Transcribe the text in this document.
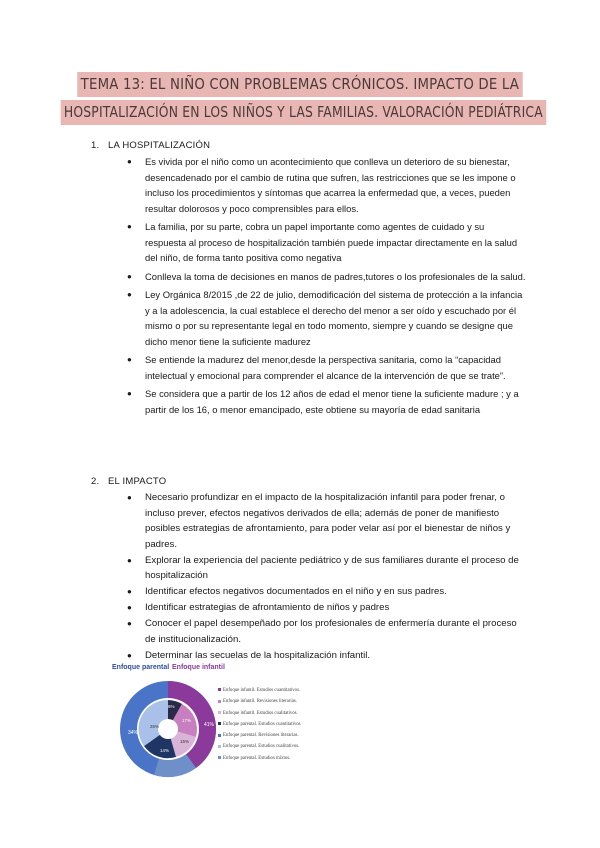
TEMA 13: EL NIÑO CON PROBLEMAS CRÓNICOS. IMPACTO DE LA
HOSPITALIZACIÓN EN LOS NIÑOS Y LAS FAMILIAS. VALORACIÓN PEDIÁTRICA
1. LA HOSPITALIZACIÓN
● Es vivida por el niño como un acontecimiento que conlleva un deterioro de su bienestar, desencadenado por el cambio de rutina que sufren, las restricciones que se les impone o incluso los procedimientos y síntomas que acarrea la enfermedad que, a veces, pueden resultar dolorosos y poco comprensibles para ellos.
● La familia, por su parte, cobra un papel importante como agentes de cuidado y su respuesta al proceso de hospitalización también puede impactar directamente en la salud del niño, de forma tanto positiva como negativa
● Conlleva la toma de decisiones en manos de padres,tutores o los profesionales de la salud.
● Ley Orgánica 8/2015 ,de 22 de julio, demodificación del sistema de protección a la infancia y a la adolescencia, la cual establece el derecho del menor a ser oído y escuchado por él mismo o por su representante legal en todo momento, siempre y cuando se designe que dicho menor tiene la suficiente madurez
● Se entiende la madurez del menor,desde la perspectiva sanitaria, como la “capacidad intelectual y emocional para comprender el alcance de la intervención de que se trate”.
● Se considera que a partir de los 12 años de edad el menor tiene la suficiente madure ; y a partir de los 16, o menor emancipado, este obtiene su mayoría de edad sanitaria
2. EL IMPACTO
● Necesario profundizar en el impacto de la hospitalización infantil para poder frenar, o incluso prever, efectos negativos derivados de ella; además de poner de manifiesto posibles estrategias de afrontamiento, para poder velar así por el bienestar de niños y padres.
● Explorar la experiencia del paciente pediátrico y de sus familiares durante el proceso de hospitalización
● Identificar efectos negativos documentados en el niño y en sus padres.
● Identificar estrategias de afrontamiento de niños y padres
● Conocer el papel desempeñado por los profesionales de enfermería durante el proceso de institucionalización.
● Determinar las secuelas de la hospitalización infantil.
Enfoque parental Enfoque infantil
34%
41%
6%
17%
15%
14%
26%
Enfoque infantil. Estudios cuantitativos.
Enfoque infantil. Revisiones literarias.
Enfoque infantil. Estudios cualitativos.
Enfoque parental. Estudios cuantitativos
Enfoque parental. Revisiones literarias.
Enfoque parental. Estudios cualitativos.
Enfoque parental. Estudios mixtos.
